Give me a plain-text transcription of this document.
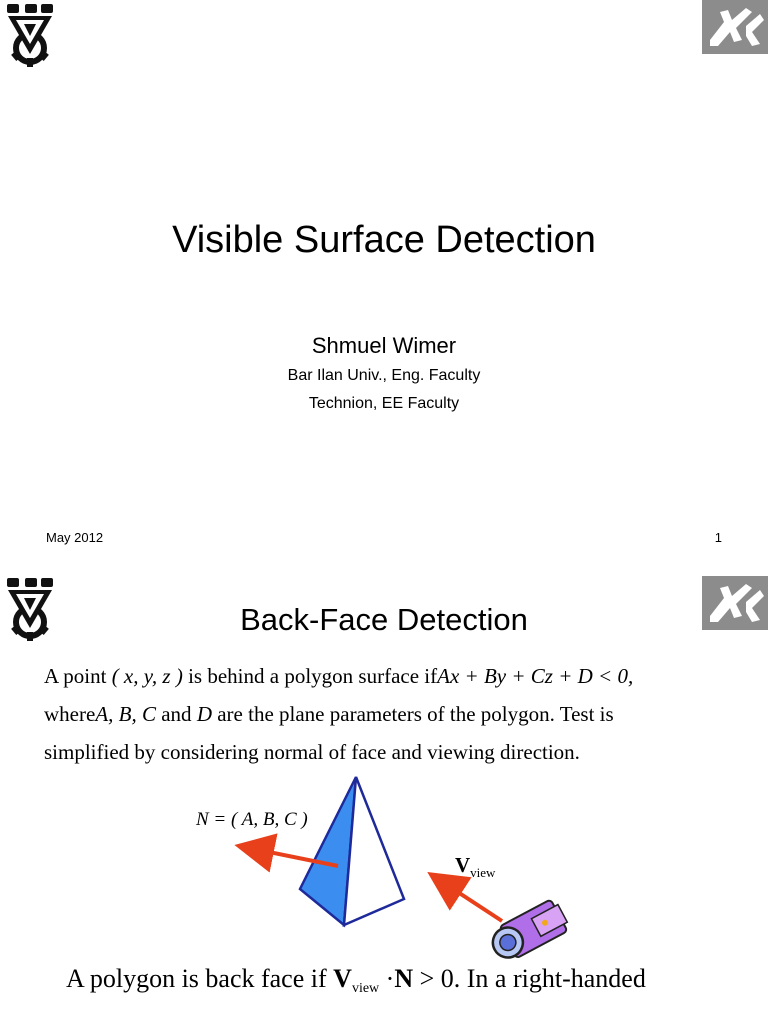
Visible Surface Detection
Shmuel Wimer
Bar Ilan Univ., Eng. Faculty
Technion, EE Faculty
May 2012	1
Back-Face Detection
A point ( x, y, z ) is behind a polygon surface ifAx + By + Cz + D < 0,
whereA, B, C and D are the plane parameters of the polygon. Test is
simplified by considering normal of face and viewing direction.
N = ( A, B, C )
$V_{view}$
A polygon is back face if $V_{view} \cdot N > 0$. In a right-handed
